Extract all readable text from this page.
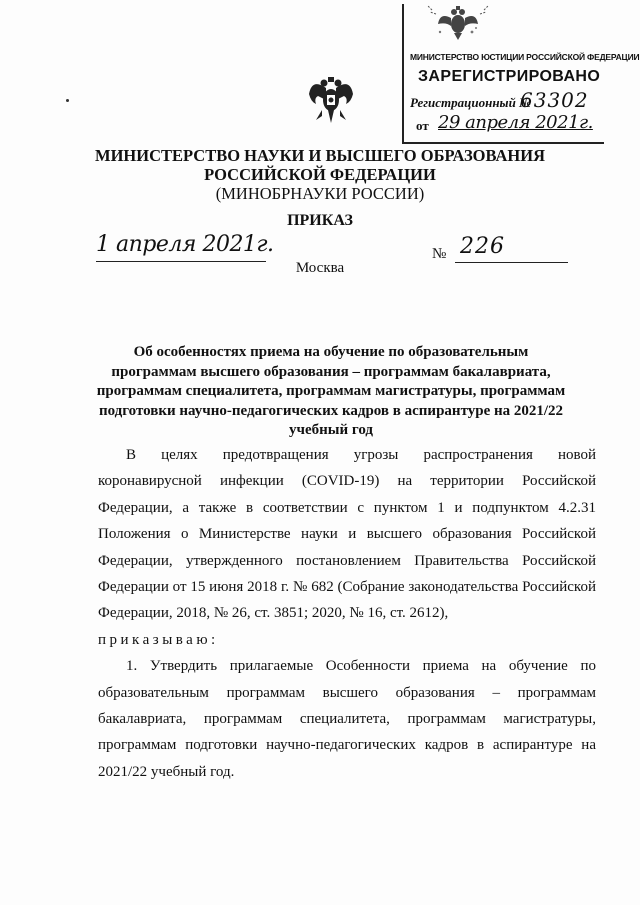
МИНИСТЕРСТВО ЮСТИЦИИ РОССИЙСКОЙ ФЕДЕРАЦИИ
ЗАРЕГИСТРИРОВАНО
Регистрационный №
63302
от 29 апреля 2021г.
МИНИСТЕРСТВО НАУКИ И ВЫСШЕГО ОБРАЗОВАНИЯ
РОССИЙСКОЙ ФЕДЕРАЦИИ
(МИНОБРНАУКИ РОССИИ)
ПРИКАЗ
1 апреля 2021г.	№ 226
Москва
Об особенностях приема на обучение по образовательным программам высшего образования – программам бакалавриата, программам специалитета, программам магистратуры, программам подготовки научно-педагогических кадров в аспирантуре на 2021/22 учебный год

В целях предотвращения угрозы распространения новой коронавирусной инфекции (COVID-19) на территории Российской Федерации, а также в соответствии с пунктом 1 и подпунктом 4.2.31 Положения о Министерстве науки и высшего образования Российской Федерации, утвержденного постановлением Правительства Российской Федерации от 15 июня 2018 г. № 682 (Собрание законодательства Российской Федерации, 2018, № 26, ст. 3851; 2020, № 16, ст. 2612),
приказываю:

1. Утвердить прилагаемые Особенности приема на обучение по образовательным программам высшего образования – программам бакалавриата, программам специалитета, программам магистратуры, программам подготовки научно-педагогических кадров в аспирантуре на 2021/22 учебный год.
